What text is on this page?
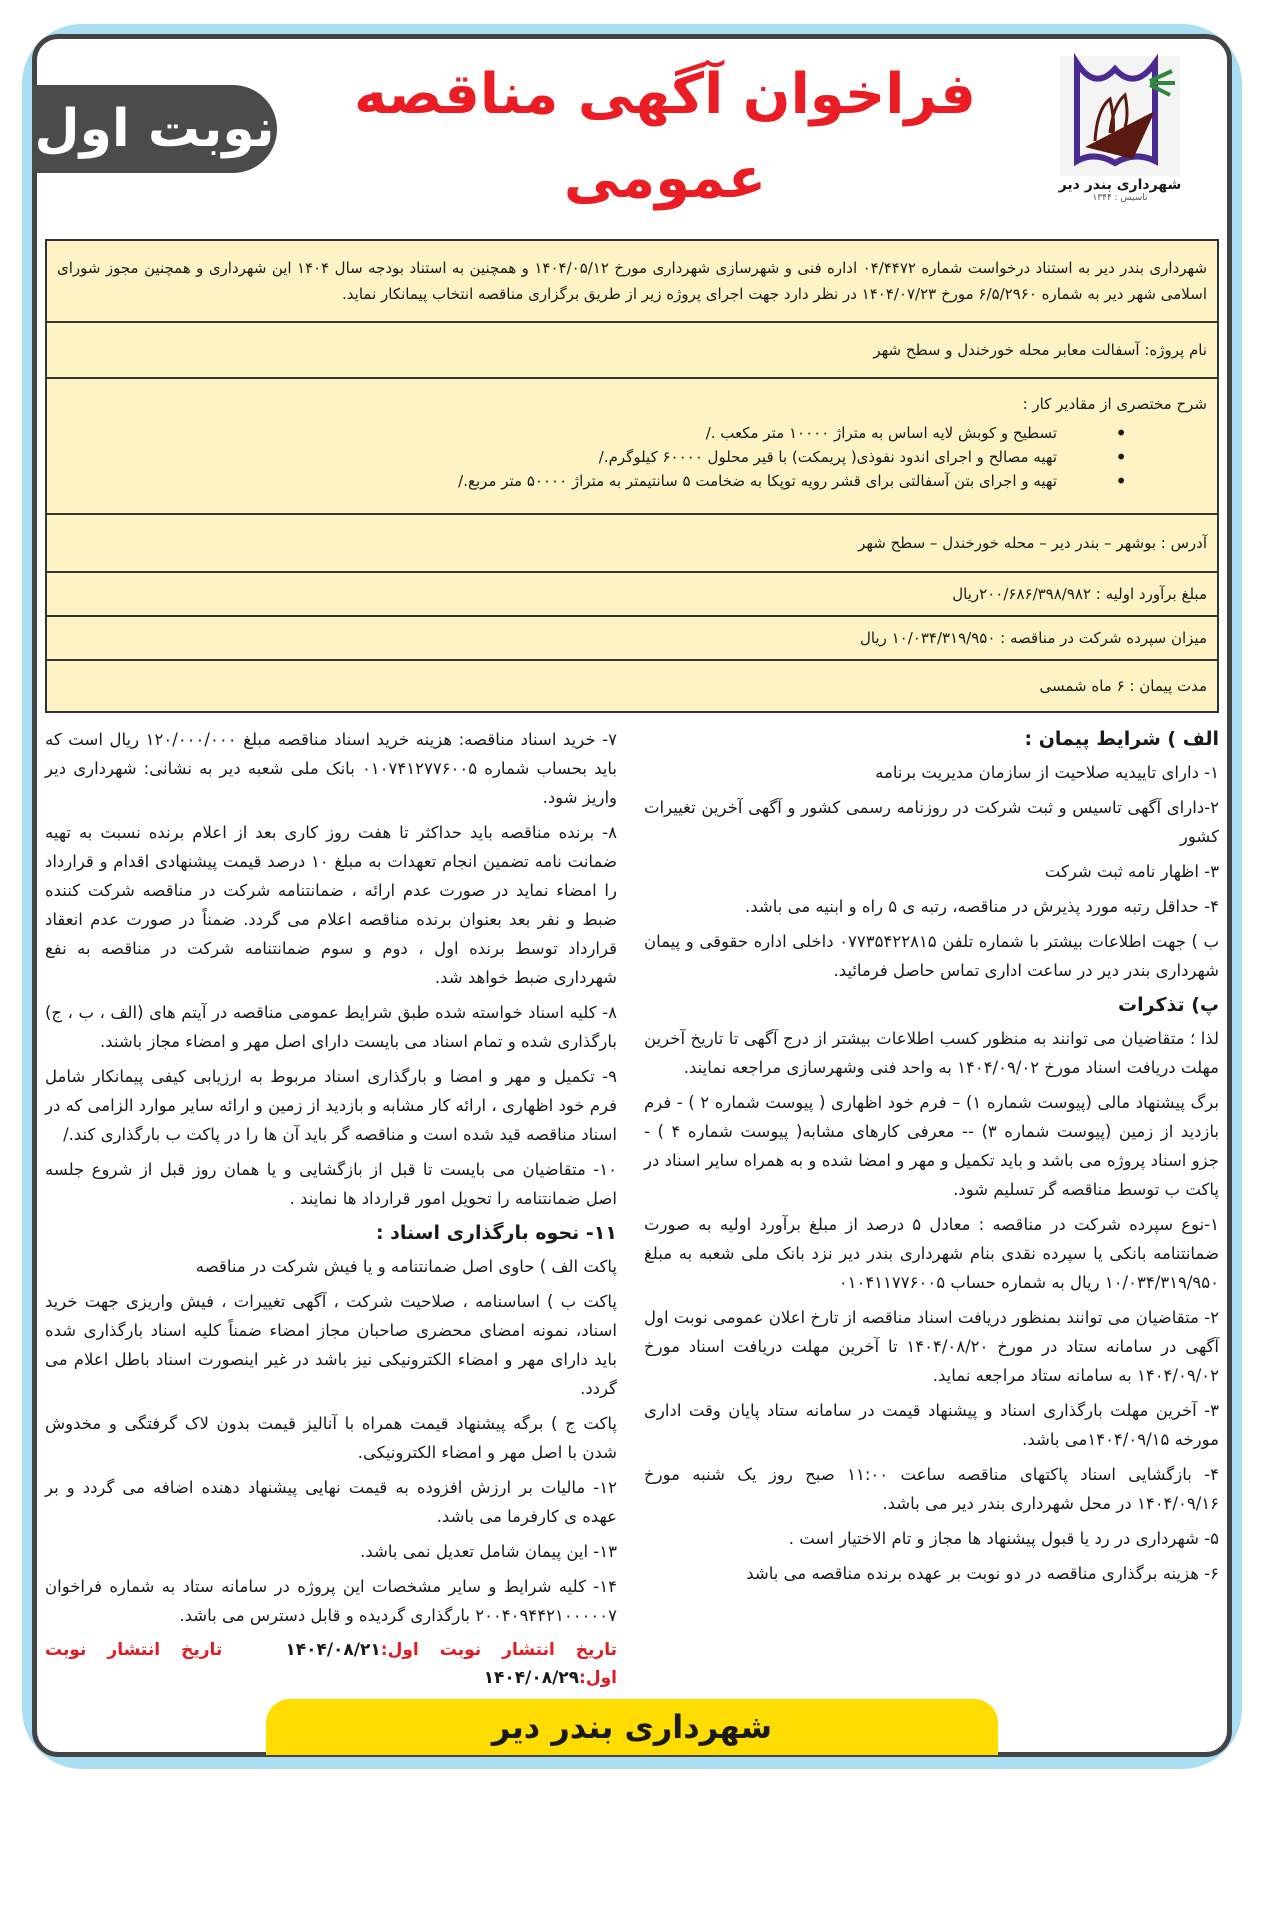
شهرداری بندر دیر
تاسیس : ۱۳۴۴
فراخوان آگهی مناقصه
عمومی
نوبت اول
شهرداری بندر دیر به استناد درخواست شماره ۰۴/۴۴۷۲ اداره فنی و شهرسازی شهرداری مورخ ۱۴۰۴/۰۵/۱۲ و همچنین به استناد بودجه سال ۱۴۰۴ این شهرداری و همچنین مجوز شورای اسلامی شهر دیر به شماره ۶/۵/۲۹۶۰ مورخ ۱۴۰۴/۰۷/۲۳ در نظر دارد جهت اجرای پروژه زیر از طریق برگزاری مناقصه انتخاب پیمانکار نماید.
نام پروژه: آسفالت معابر محله خورخندل و سطح شهر
شرح مختصری از مقادیر کار :
• تسطیح و کوبش لایه اساس به متراژ ۱۰۰۰۰ متر مکعب ./
• تهیه مصالح و اجرای اندود نفوذی( پریمکت) با قیر محلول ۶۰۰۰۰ کیلوگرم./
• تهیه و اجرای بتن آسفالتی برای قشر رویه توپکا به ضخامت ۵ سانتیمتر به متراژ ۵۰۰۰۰ متر مربع./
آدرس : بوشهر – بندر دیر – محله خورخندل – سطح شهر
مبلغ برآورد اولیه : ۲۰۰/۶۸۶/۳۹۸/۹۸۲ریال
میزان سپرده شرکت در مناقصه : ۱۰/۰۳۴/۳۱۹/۹۵۰ ریال
مدت پیمان : ۶ ماه شمسی
الف ) شرایط پیمان :
۱- دارای تاییدیه صلاحیت از سازمان مدیریت برنامه
۲-دارای آگهی تاسیس و ثبت شرکت در روزنامه رسمی کشور و آگهی آخرین تغییرات کشور
۳- اظهار نامه ثبت شرکت
۴- حداقل رتبه مورد پذیرش در مناقصه، رتبه ی ۵ راه و ابنیه می باشد.
ب ) جهت اطلاعات بیشتر با شماره تلفن ۰۷۷۳۵۴۲۲۸۱۵ داخلی اداره حقوقی و پیمان شهرداری بندر دیر در ساعت اداری تماس حاصل فرمائید.
پ) تذکرات
لذا ؛ متقاضیان می توانند به منظور کسب اطلاعات بیشتر از درج آگهی تا تاریخ آخرین مهلت دریافت اسناد مورخ ۱۴۰۴/۰۹/۰۲ به واحد فنی وشهرسازی مراجعه نمایند.
برگ پیشنهاد مالی (پیوست شماره ۱) – فرم خود اظهاری ( پیوست شماره ۲ ) - فرم بازدید از زمین (پیوست شماره ۳) -- معرفی کارهای مشابه( پیوست شماره ۴ ) - جزو اسناد پروژه می باشد و باید تکمیل و مهر و امضا شده و به همراه سایر اسناد در پاکت ب توسط مناقصه گر تسلیم شود.
۱-نوع سپرده شرکت در مناقصه : معادل ۵ درصد از مبلغ برآورد اولیه به صورت ضمانتنامه بانکی یا سپرده نقدی بنام شهرداری بندر دیر نزد بانک ملی شعبه به مبلغ ۱۰/۰۳۴/۳۱۹/۹۵۰ ریال به شماره حساب ۰۱۰۴۱۱۷۷۶۰۰۵
۲- متقاضیان می توانند بمنظور دریافت اسناد مناقصه از تارخ اعلان عمومی نوبت اول آگهی در سامانه ستاد در مورخ ۱۴۰۴/۰۸/۲۰ تا آخرین مهلت دریافت اسناد مورخ ۱۴۰۴/۰۹/۰۲ به سامانه ستاد مراجعه نماید.
۳- آخرین مهلت بارگذاری اسناد و پیشنهاد قیمت در سامانه ستاد پایان وقت اداری مورخه ۱۴۰۴/۰۹/۱۵می باشد.
۴- بازگشایی اسناد پاکتهای مناقصه ساعت ۱۱:۰۰ صبح روز یک شنبه مورخ ۱۴۰۴/۰۹/۱۶ در محل شهرداری بندر دیر می باشد.
۵- شهرداری در رد یا قبول پیشنهاد ها مجاز و تام الاختیار است .
۶- هزینه برگذاری مناقصه در دو نوبت بر عهده برنده مناقصه می باشد
۷- خرید اسناد مناقصه: هزینه خرید اسناد مناقصه مبلغ ۱۲۰/۰۰۰/۰۰۰ ریال است که باید بحساب شماره ۰۱۰۷۴۱۲۷۷۶۰۰۵ بانک ملی شعبه دیر به نشانی: شهرداری دیر واریز شود.
۸- برنده مناقصه باید حداکثر تا هفت روز کاری بعد از اعلام برنده نسبت به تهیه ضمانت نامه تضمین انجام تعهدات به مبلغ ۱۰ درصد قیمت پیشنهادی اقدام و قرارداد را امضاء نماید در صورت عدم ارائه ، ضمانتنامه شرکت در مناقصه شرکت کننده ضبط و نفر بعد بعنوان برنده مناقصه اعلام می گردد. ضمناً در صورت عدم انعقاد قرارداد توسط برنده اول ، دوم و سوم ضمانتنامه شرکت در مناقصه به نفع شهرداری ضبط خواهد شد.
۸- کلیه اسناد خواسته شده طبق شرایط عمومی مناقصه در آیتم های (الف ، ب ، ج) بارگذاری شده و تمام اسناد می بایست دارای اصل مهر و امضاء مجاز باشند.
۹- تکمیل و مهر و امضا و بارگذاری اسناد مربوط به ارزیابی کیفی پیمانکار شامل فرم خود اظهاری ، ارائه کار مشابه و بازدید از زمین و ارائه سایر موارد الزامی که در اسناد مناقصه قید شده است و مناقصه گر باید آن ها را در پاکت ب بارگذاری کند./
۱۰- متقاضیان می بایست تا قبل از بازگشایی و یا همان روز قبل از شروع جلسه اصل ضمانتنامه را تحویل امور قرارداد ها نمایند .
۱۱- نحوه بارگذاری اسناد :
پاکت الف ) حاوی اصل ضمانتنامه و یا فیش شرکت در مناقصه
پاکت ب ) اساسنامه ، صلاحیت شرکت ، آگهی تغییرات ، فیش واریزی جهت خرید اسناد، نمونه امضای محضری صاحبان مجاز امضاء ضمناً کلیه اسناد بارگذاری شده باید دارای مهر و امضاء الکترونیکی نیز باشد در غیر اینصورت اسناد باطل اعلام می گردد.
پاکت ج ) برگه پیشنهاد قیمت همراه با آنالیز قیمت بدون لاک گرفتگی و مخدوش شدن با اصل مهر و امضاء الکترونیکی.
۱۲- مالیات بر ارزش افزوده به قیمت نهایی پیشنهاد دهنده اضافه می گردد و بر عهده ی کارفرما می باشد.
۱۳- این پیمان شامل تعدیل نمی باشد.
۱۴- کلیه شرایط و سایر مشخصات این پروژه در سامانه ستاد به شماره فراخوان ۲۰۰۴۰۹۴۴۲۱۰۰۰۰۰۷ بارگذاری گردیده و قابل دسترس می باشد.
تاریخ انتشار نوبت اول:۱۴۰۴/۰۸/۲۱   تاریخ انتشار نوبت اول:۱۴۰۴/۰۸/۲۹
شهرداری بندر دیر
